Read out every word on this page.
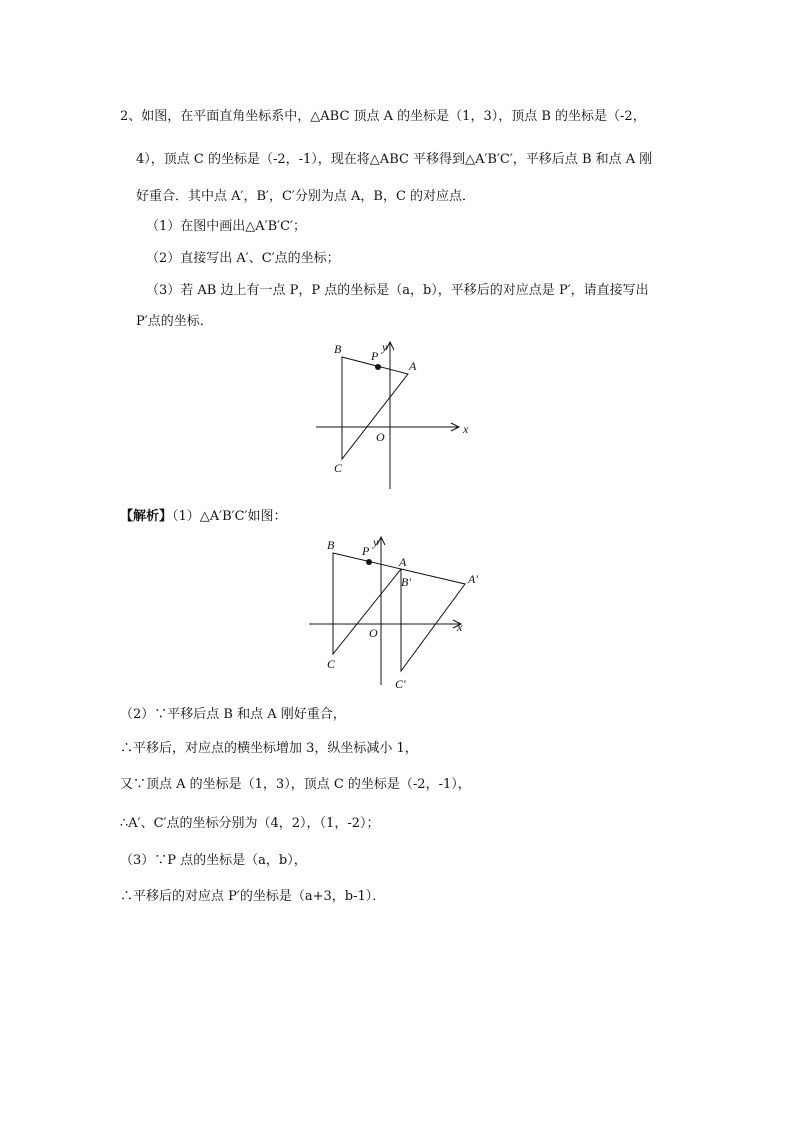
2、如图，在平面直角坐标系中，△ABC 顶点 A 的坐标是（1，3），顶点 B 的坐标是（-2，
4），顶点 C 的坐标是（-2，-1），现在将△ABC 平移得到△A′B′C′，平移后点 B 和点 A 刚
好重合．其中点 A′，B′，C′分别为点 A，B，C 的对应点．
（1）在图中画出△A′B′C′；
（2）直接写出 A′、C′点的坐标；
（3）若 AB 边上有一点 P，P 点的坐标是（a，b），平移后的对应点是 P′，请直接写出
P′点的坐标．
B P
y
A
O
x
C
【解析】（1）△A′B′C′如图：
B P
y
A
B′	A′
O	x
C
C′
（2）∵平移后点 B 和点 A 刚好重合，
∴平移后，对应点的横坐标增加 3，纵坐标减小 1，
又∵顶点 A 的坐标是（1，3），顶点 C 的坐标是（-2，-1），
∴A′、C′点的坐标分别为（4，2），（1，-2）；
（3）∵P 点的坐标是（a，b），
∴平移后的对应点 P′的坐标是（a+3，b-1）．
